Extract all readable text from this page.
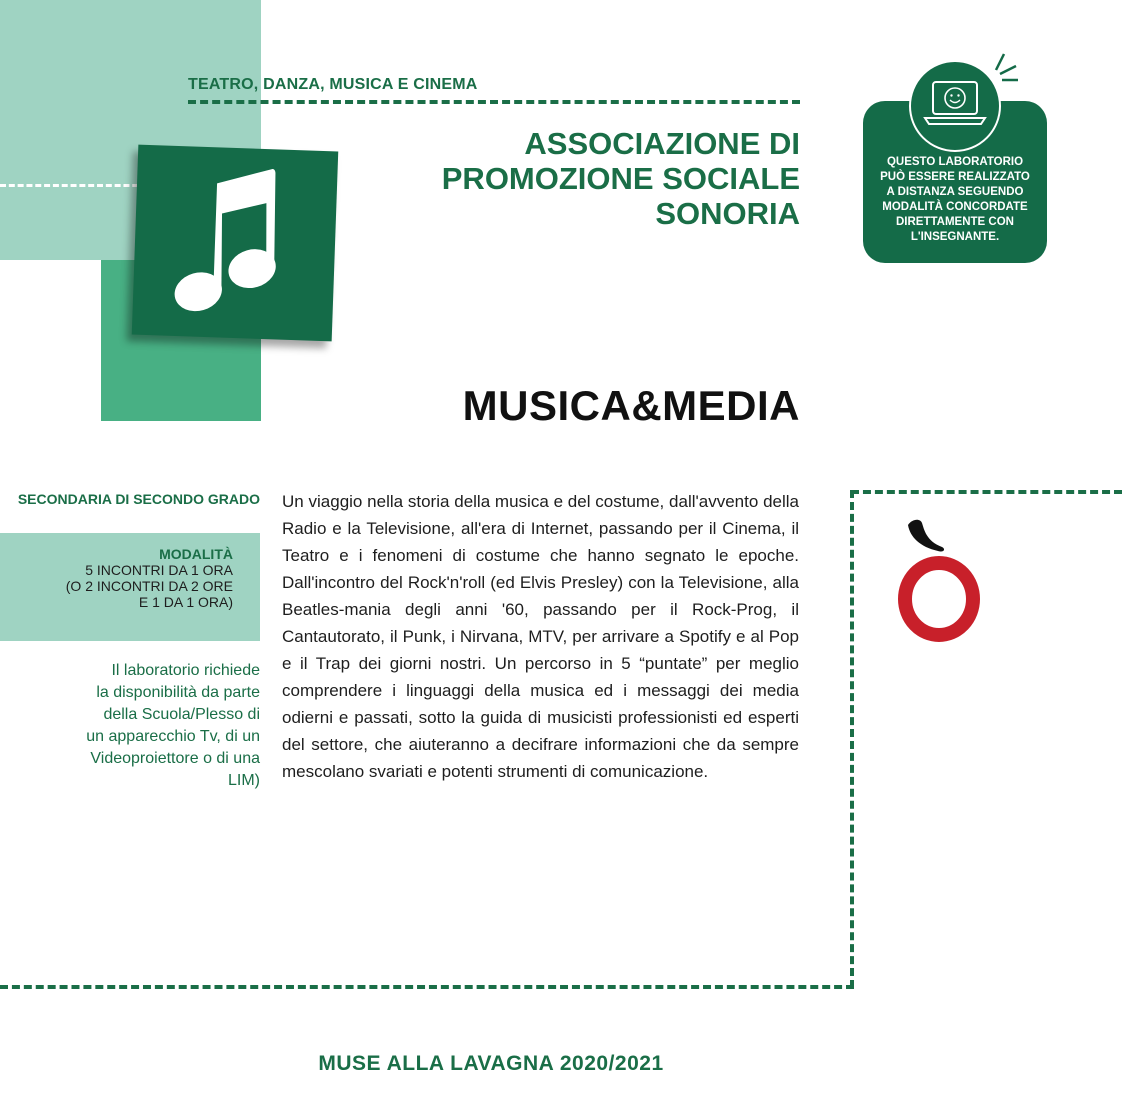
TEATRO, DANZA, MUSICA E CINEMA
ASSOCIAZIONE DI
PROMOZIONE SOCIALE
SONORIA
QUESTO LABORATORIO
PUÒ ESSERE REALIZZATO
A DISTANZA SEGUENDO
MODALITÀ CONCORDATE
DIRETTAMENTE CON
L'INSEGNANTE.
MUSICA&MEDIA
SECONDARIA DI SECONDO GRADO
MODALITÀ
5 INCONTRI DA 1 ORA
(O 2 INCONTRI DA 2 ORE
E 1 DA 1 ORA)
Il laboratorio richiede
la disponibilità da parte
della Scuola/Plesso di
un apparecchio Tv, di un
Videoproiettore o di una
LIM)
Un viaggio nella storia della musica e del costume, dall'avvento della Radio e la Televisione, all'era di Internet, passando per il Cinema, il Teatro e i fenomeni di costume che hanno segnato le epoche. Dall'incontro del Rock'n'roll (ed Elvis Presley) con la Televisione, alla Beatles-mania degli anni '60, passando per il Rock-Prog, il Cantautorato, il Punk, i Nirvana, MTV, per arrivare a Spotify e al Pop e il Trap dei giorni nostri. Un percorso in 5 “puntate” per meglio comprendere i linguaggi della musica ed i messaggi dei media odierni e passati, sotto la guida di musicisti professionisti ed esperti del settore, che aiuteranno a decifrare informazioni che da sempre mescolano svariati e potenti strumenti di comunicazione.
MUSE ALLA LAVAGNA 2020/2021
